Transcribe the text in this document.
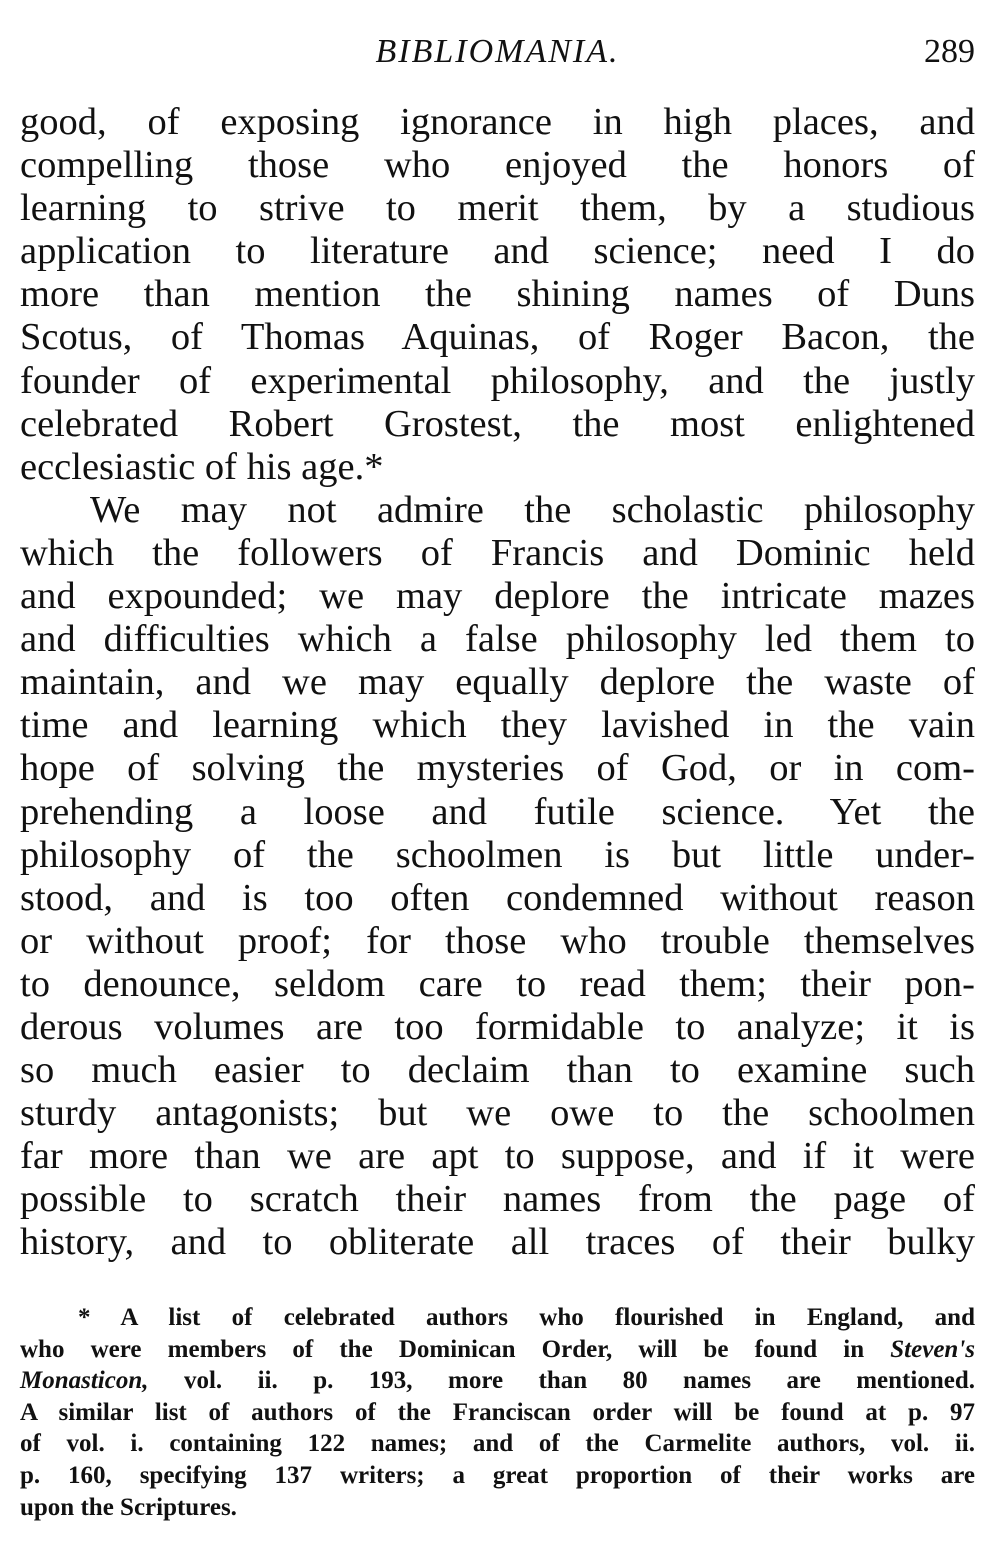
BIBLIOMANIA.	289
good, of exposing ignorance in high places, and
compelling those who enjoyed the honors of
learning to strive to merit them, by a studious
application to literature and science; need I do
more than mention the shining names of Duns
Scotus, of Thomas Aquinas, of Roger Bacon, the
founder of experimental philosophy, and the justly
celebrated Robert Grostest, the most enlightened
ecclesiastic of his age.*
We may not admire the scholastic philosophy
which the followers of Francis and Dominic held
and expounded; we may deplore the intricate mazes
and difficulties which a false philosophy led them to
maintain, and we may equally deplore the waste of
time and learning which they lavished in the vain
hope of solving the mysteries of God, or in com-
prehending a loose and futile science. Yet the
philosophy of the schoolmen is but little under-
stood, and is too often condemned without reason
or without proof; for those who trouble themselves
to denounce, seldom care to read them; their pon-
derous volumes are too formidable to analyze; it is
so much easier to declaim than to examine such
sturdy antagonists; but we owe to the schoolmen
far more than we are apt to suppose, and if it were
possible to scratch their names from the page of
history, and to obliterate all traces of their bulky
* A list of celebrated authors who flourished in England, and
who were members of the Dominican Order, will be found in Steven's
Monasticon, vol. ii. p. 193, more than 80 names are mentioned.
A similar list of authors of the Franciscan order will be found at p. 97
of vol. i. containing 122 names; and of the Carmelite authors, vol. ii.
p. 160, specifying 137 writers; a great proportion of their works are
upon the Scriptures.
